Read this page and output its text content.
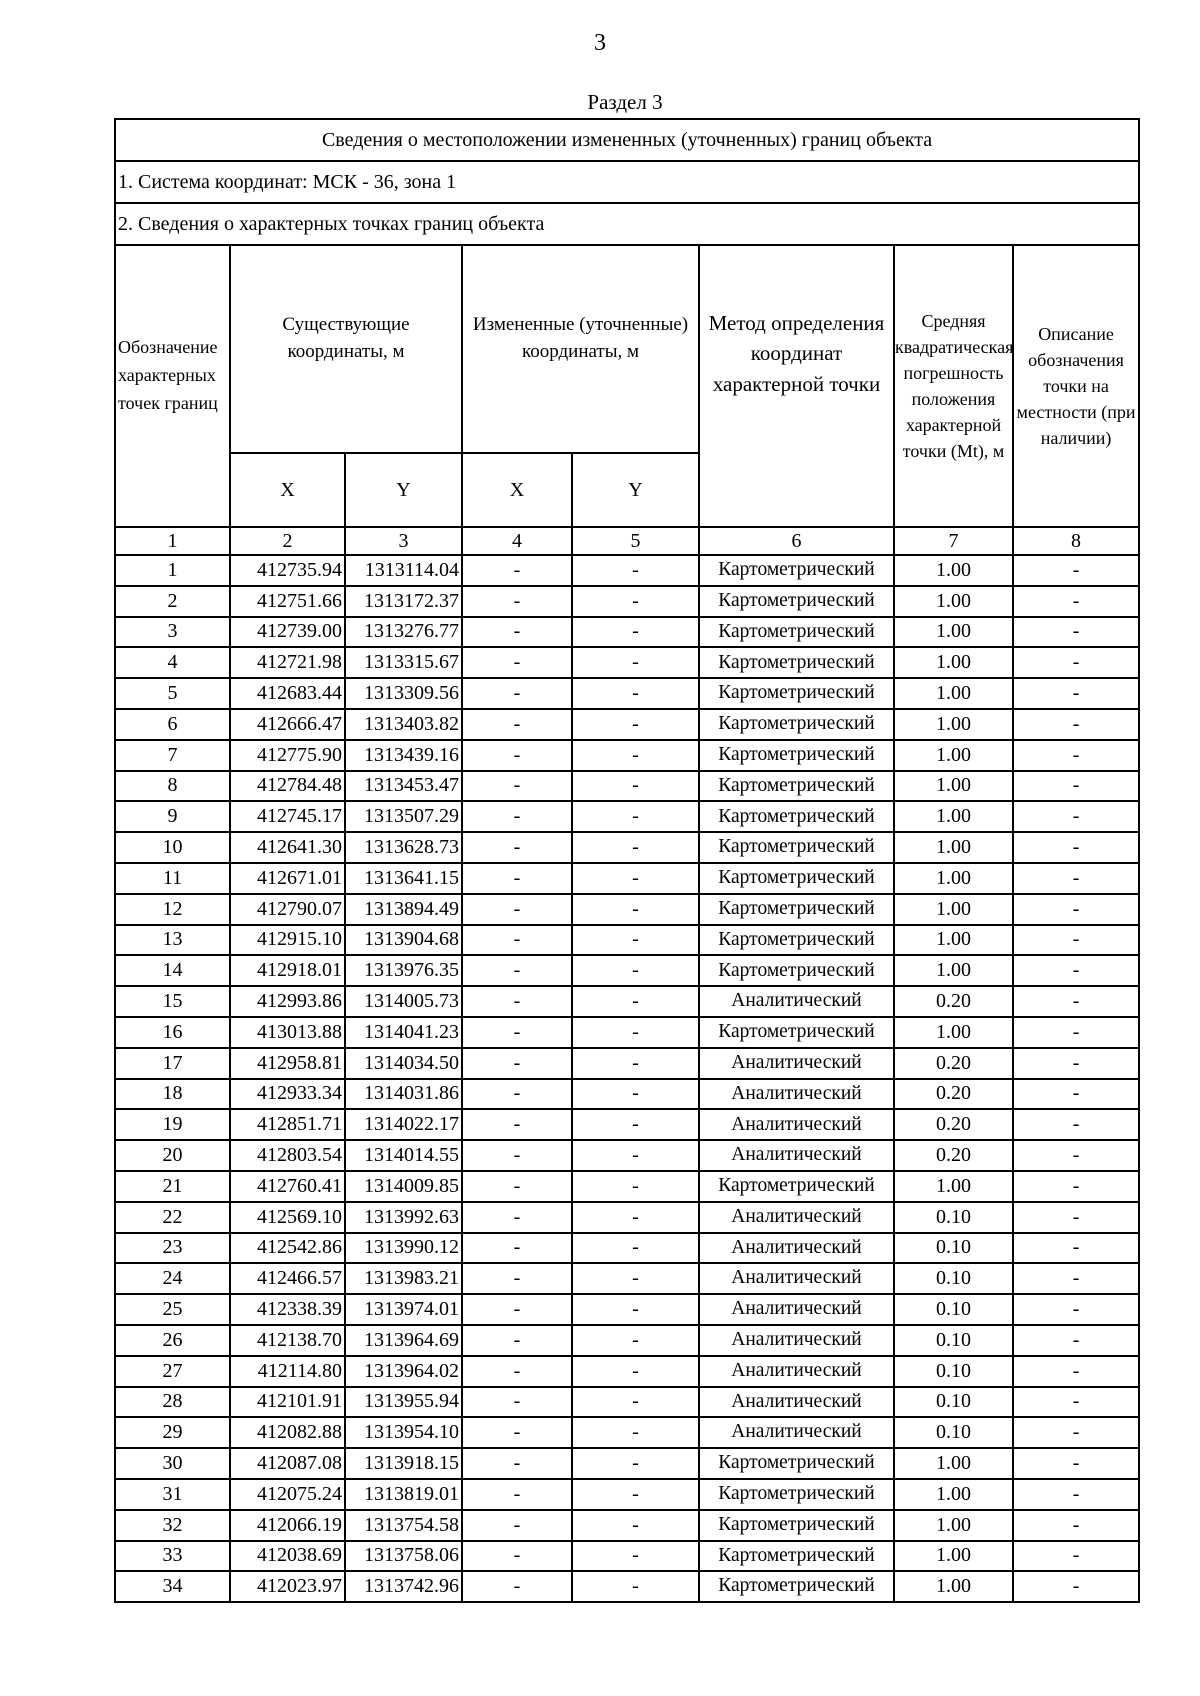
3
Раздел 3
Сведения о местоположении измененных (уточненных) границ объекта							
1. Система координат: МСК - 36, зона 1							
2. Сведения о характерных точках границ объекта							
Обозначение характерных точек границ	Существующие координаты, м		Измененные (уточненные) координаты, м		Метод определения координат характерной точки	Средняя квадратическая погрешность положения характерной точки (Mt), м	Описание обозначения точки на местности (при наличии)
	X	Y	X	Y			
1	2	3	4	5	6	7	8
1	412735.94	1313114.04	-	-	Картометрический	1.00	-
2	412751.66	1313172.37	-	-	Картометрический	1.00	-
3	412739.00	1313276.77	-	-	Картометрический	1.00	-
4	412721.98	1313315.67	-	-	Картометрический	1.00	-
5	412683.44	1313309.56	-	-	Картометрический	1.00	-
6	412666.47	1313403.82	-	-	Картометрический	1.00	-
7	412775.90	1313439.16	-	-	Картометрический	1.00	-
8	412784.48	1313453.47	-	-	Картометрический	1.00	-
9	412745.17	1313507.29	-	-	Картометрический	1.00	-
10	412641.30	1313628.73	-	-	Картометрический	1.00	-
11	412671.01	1313641.15	-	-	Картометрический	1.00	-
12	412790.07	1313894.49	-	-	Картометрический	1.00	-
13	412915.10	1313904.68	-	-	Картометрический	1.00	-
14	412918.01	1313976.35	-	-	Картометрический	1.00	-
15	412993.86	1314005.73	-	-	Аналитический	0.20	-
16	413013.88	1314041.23	-	-	Картометрический	1.00	-
17	412958.81	1314034.50	-	-	Аналитический	0.20	-
18	412933.34	1314031.86	-	-	Аналитический	0.20	-
19	412851.71	1314022.17	-	-	Аналитический	0.20	-
20	412803.54	1314014.55	-	-	Аналитический	0.20	-
21	412760.41	1314009.85	-	-	Картометрический	1.00	-
22	412569.10	1313992.63	-	-	Аналитический	0.10	-
23	412542.86	1313990.12	-	-	Аналитический	0.10	-
24	412466.57	1313983.21	-	-	Аналитический	0.10	-
25	412338.39	1313974.01	-	-	Аналитический	0.10	-
26	412138.70	1313964.69	-	-	Аналитический	0.10	-
27	412114.80	1313964.02	-	-	Аналитический	0.10	-
28	412101.91	1313955.94	-	-	Аналитический	0.10	-
29	412082.88	1313954.10	-	-	Аналитический	0.10	-
30	412087.08	1313918.15	-	-	Картометрический	1.00	-
31	412075.24	1313819.01	-	-	Картометрический	1.00	-
32	412066.19	1313754.58	-	-	Картометрический	1.00	-
33	412038.69	1313758.06	-	-	Картометрический	1.00	-
34	412023.97	1313742.96	-	-	Картометрический	1.00	-
